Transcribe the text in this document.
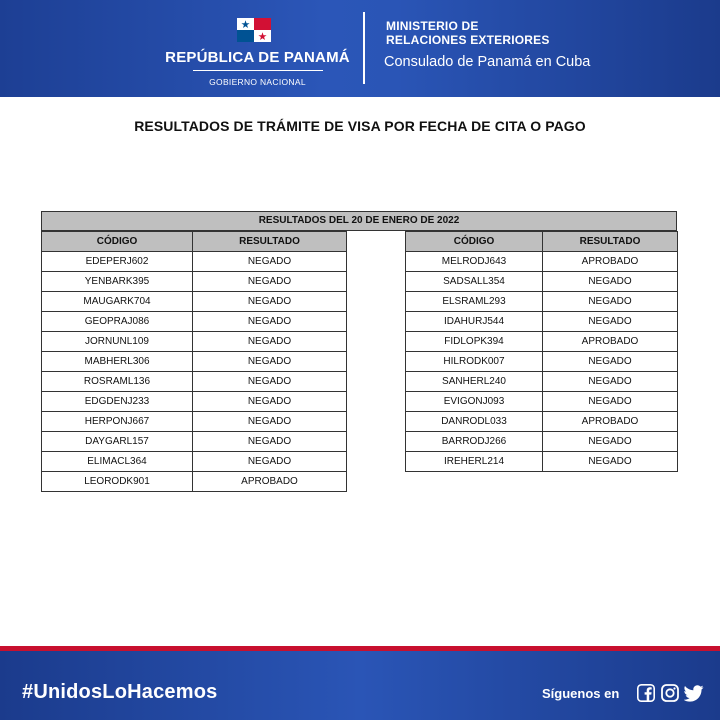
REPÚBLICA DE PANAMÁ
GOBIERNO NACIONAL
MINISTERIO DE
RELACIONES EXTERIORES
Consulado de Panamá en Cuba
RESULTADOS DE TRÁMITE DE VISA POR FECHA DE CITA O PAGO
RESULTADOS DEL 20 DE ENERO DE 2022
CÓDIGO	RESULTADO
EDEPERJ602	NEGADO
YENBARK395	NEGADO
MAUGARK704	NEGADO
GEOPRAJ086	NEGADO
JORNUNL109	NEGADO
MABHERL306	NEGADO
ROSRAML136	NEGADO
EDGDENJ233	NEGADO
HERPONJ667	NEGADO
DAYGARL157	NEGADO
ELIMACL364	NEGADO
LEORODK901	APROBADO
CÓDIGO	RESULTADO
MELRODJ643	APROBADO
SADSALL354	NEGADO
ELSRAML293	NEGADO
IDAHURJ544	NEGADO
FIDLOPK394	APROBADO
HILRODK007	NEGADO
SANHERL240	NEGADO
EVIGONJ093	NEGADO
DANRODL033	APROBADO
BARRODJ266	NEGADO
IREHERL214	NEGADO
#UnidosLoHacemos	Síguenos en
